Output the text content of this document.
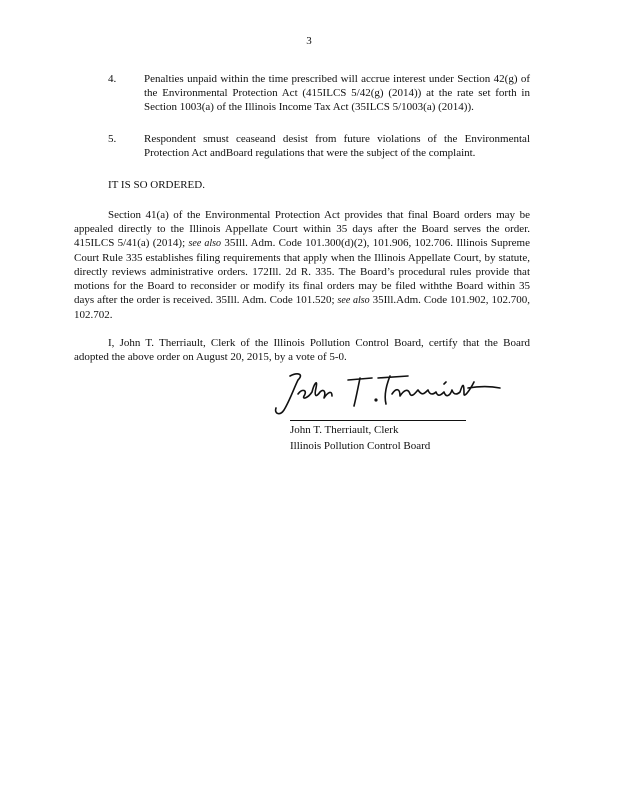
3
4.	Penalties unpaid within the time prescribed will accrue interest under Section 42(g) of the Environmental Protection Act (415ILCS 5/42(g) (2014)) at the rate set forth in Section 1003(a) of the Illinois Income Tax Act (35ILCS 5/1003(a) (2014)).
5.	Respondent smust ceaseand desist from future violations of the Environmental Protection Act andBoard regulations that were the subject of the complaint.
IT IS SO ORDERED.

Section 41(a) of the Environmental Protection Act provides that final Board orders may be appealed directly to the Illinois Appellate Court within 35 days after the Board serves the order. 415ILCS 5/41(a) (2014); see also 35Ill. Adm. Code 101.300(d)(2), 101.906, 102.706. Illinois Supreme Court Rule 335 establishes filing requirements that apply when the Illinois Appellate Court, by statute, directly reviews administrative orders. 172Ill. 2d R. 335. The Board’s procedural rules provide that motions for the Board to reconsider or modify its final orders may be filed withthe Board within 35 days after the order is received. 35Ill. Adm. Code 101.520; see also 35Ill.Adm. Code 101.902, 102.700, 102.702.

I, John T. Therriault, Clerk of the Illinois Pollution Control Board, certify that the Board adopted the above order on August 20, 2015, by a vote of 5-0.

John T. Therriault, Clerk
Illinois Pollution Control Board
